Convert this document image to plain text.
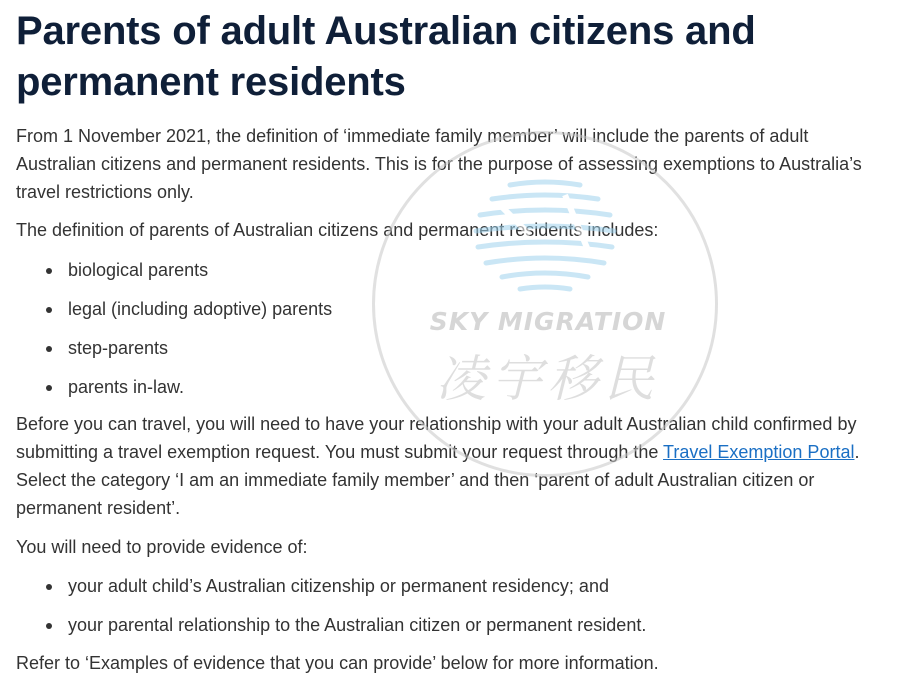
Parents of adult Australian citizens and
permanent residents

From 1 November 2021, the definition of ‘immediate family member’ will include the parents of adult
Australian citizens and permanent residents. This is for the purpose of assessing exemptions to Australia’s
travel restrictions only.

The definition of parents of Australian citizens and permanent residents includes:

biological parents
legal (including adoptive) parents
step-parents
parents in-law.

Before you can travel, you will need to have your relationship with your adult Australian child confirmed by
submitting a travel exemption request. You must submit your request through the Travel Exemption Portal.
Select the category ‘I am an immediate family member’ and then ‘parent of adult Australian citizen or
permanent resident’.

You will need to provide evidence of:

your adult child’s Australian citizenship or permanent residency; and
your parental relationship to the Australian citizen or permanent resident.

Refer to ‘Examples of evidence that you can provide’ below for more information.

SKY MIGRATION
凌宇移民
